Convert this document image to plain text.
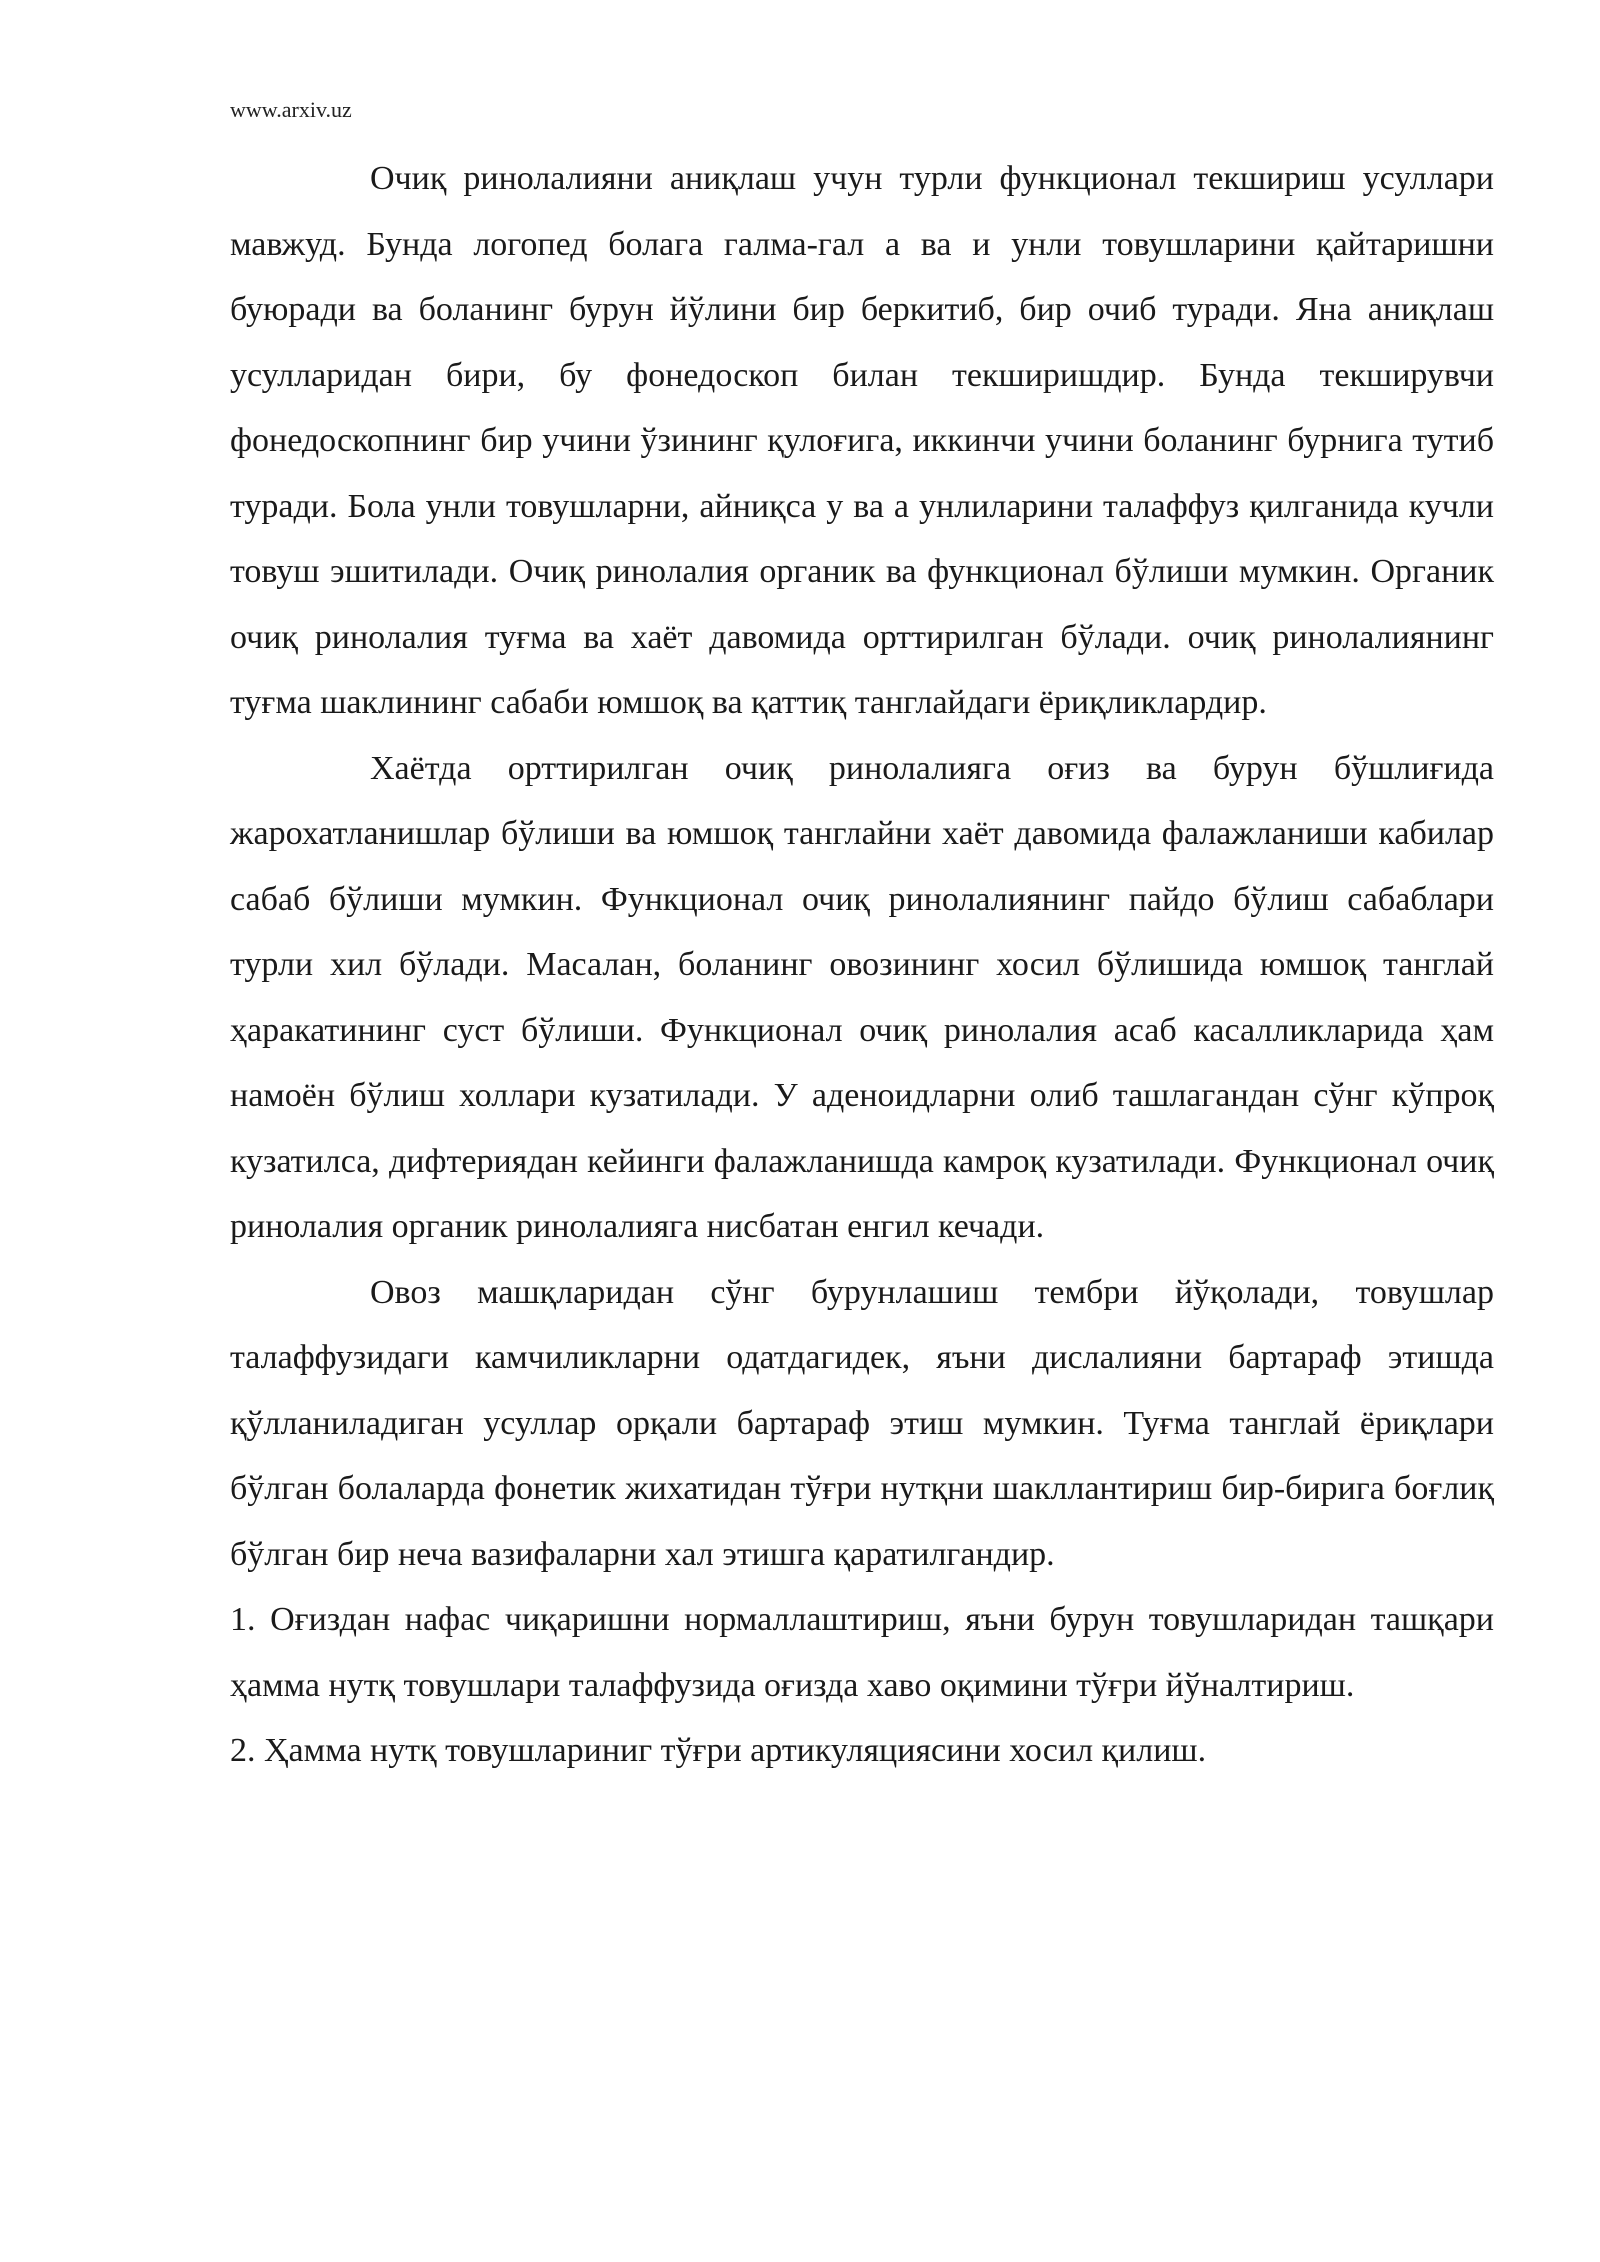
www.arxiv.uz

Очиқ ринолалияни аниқлаш учун турли функционал текшириш усуллари мавжуд. Бунда логопед болага галма-гал а ва и унли товушларини қайтаришни буюради ва боланинг бурун йўлини бир беркитиб, бир очиб туради. Яна аниқлаш усулларидан бири, бу фонедоскоп билан текширишдир. Бунда текширувчи фонедоскопнинг бир учини ўзининг қулоғига, иккинчи учини боланинг бурнига тутиб туради. Бола унли товушларни, айниқса у ва а унлиларини талаффуз қилганида кучли товуш эшитилади. Очиқ ринолалия органик ва функционал бўлиши мумкин. Органик очиқ ринолалия туғма ва хаёт давомида орттирилган бўлади. очиқ ринолалиянинг туғма шаклининг сабаби юмшоқ ва қаттиқ танглайдаги ёриқликлардир.

Хаётда орттирилган очиқ ринолалияга оғиз ва бурун бўшлиғида жарохатланишлар бўлиши ва юмшоқ танглайни хаёт давомида фалажланиши кабилар сабаб бўлиши мумкин. Функционал очиқ ринолалиянинг пайдо бўлиш сабаблари турли хил бўлади. Масалан, боланинг овозининг хосил бўлишида юмшоқ танглай ҳаракатининг суст бўлиши. Функционал очиқ ринолалия асаб касалликларида ҳам намоён бўлиш холлари кузатилади. У аденоидларни олиб ташлагандан сўнг кўпроқ кузатилса, дифтериядан кейинги фалажланишда камроқ кузатилади. Функционал очиқ ринолалия органик ринолалияга нисбатан енгил кечади.

Овоз машқларидан сўнг бурунлашиш тембри йўқолади, товушлар талаффузидаги камчиликларни одатдагидек, яъни дислалияни бартараф этишда қўлланиладиган усуллар орқали бартараф этиш мумкин. Туғма танглай ёриқлари бўлган болаларда фонетик жихатидан тўғри нутқни шакллантириш бир-бирига боғлиқ бўлган бир неча вазифаларни хал этишга қаратилгандир.

1. Оғиздан нафас чиқаришни нормаллаштириш, яъни бурун товушларидан ташқари ҳамма нутқ товушлари талаффузида оғизда хаво оқимини тўғри йўналтириш.

2. Ҳамма нутқ товушлариниг тўғри артикуляциясини хосил қилиш.
